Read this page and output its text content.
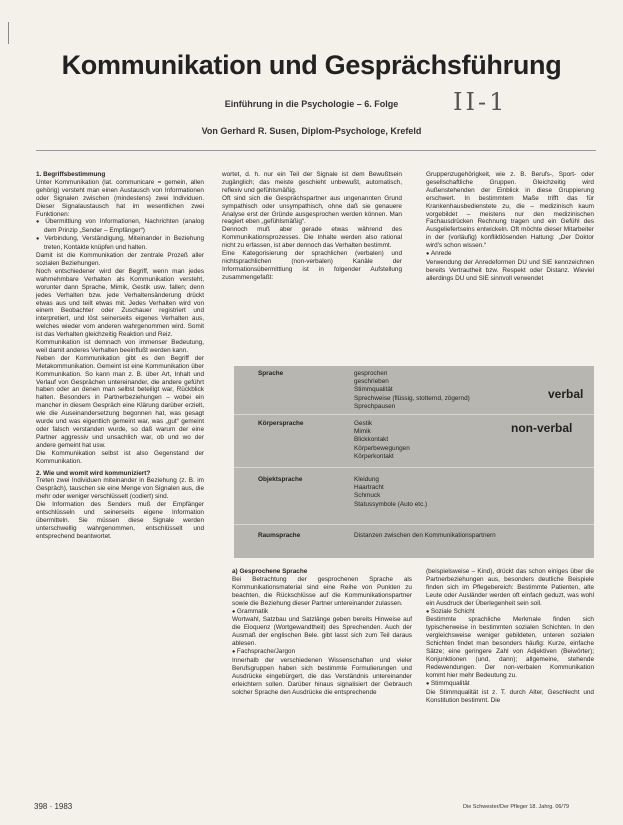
Kommunikation und Gesprächsführung
Einführung in die Psychologie – 6. Folge	II-1
Von Gerhard R. Susen, Diplom-Psychologe, Krefeld

1. Begriffsbestimmung

Unter Kommunikation (lat. communicare = gemein, allen gehörig) versteht man einen Austausch von Informationen oder Signalen zwischen (mindestens) zwei Individuen. Dieser Signalaustausch hat im wesentlichen zwei Funktionen:

● Übermittlung von Informationen, Nachrichten (analog dem Prinzip „Sender – Empfänger“)

● Verbindung, Verständigung, Miteinander in Beziehung treten, Kontakte knüpfen und halten.

Damit ist die Kommunikation der zentrale Prozeß aller sozialen Beziehungen.

Noch entschiedener wird der Begriff, wenn man jedes wahrnehmbare Verhalten als Kommunikation versteht, worunter dann Sprache, Mimik, Gestik usw. fallen; denn jedes Verhalten bzw. jede Verhaltensänderung drückt etwas aus und teilt etwas mit. Jedes Verhalten wird von einem Beobachter oder Zuschauer registriert und interpretiert, und löst seinerseits eigenes Verhalten aus, welches wieder vom anderen wahrgenommen wird. Somit ist das Verhalten gleichzeitig Reaktion und Reiz.

Kommunikation ist demnach von immenser Bedeutung, weil damit anderes Verhalten beeinflußt werden kann.

Neben der Kommunikation gibt es den Begriff der Metakommunikation. Gemeint ist eine Kommunikation über Kommunikation. So kann man z. B. über Art, Inhalt und Verlauf von Gesprächen untereinander, die andere geführt haben oder an denen man selbst beteiligt war, Rückblick halten. Besonders in Partnerbeziehungen – wobei ein mancher in diesem Gespräch eine Klärung darüber erzielt, wie die Auseinandersetzung begonnen hat, was gesagt wurde und was eigentlich gemeint war, was „gut“ gemeint oder falsch verstanden wurde, so daß warum der eine Partner aggressiv und unsachlich war, ob und wo der andere gemeint hat usw.

Die Kommunikation selbst ist also Gegenstand der Kommunikation.

2. Wie und womit wird kommuniziert?

Treten zwei Individuen miteinander in Beziehung (z. B. im Gespräch), tauschen sie eine Menge von Signalen aus, die mehr oder weniger verschlüsselt (codiert) sind.

Die Information des Senders muß der Empfänger entschlüsseln und seinerseits eigene Information übermitteln. Sie müssen diese Signale werden unterschwellig wahrgenommen, entschlüsselt und entsprechend beantwortet.

wortet, d. h. nur ein Teil der Signale ist dem Bewußtsein zugänglich; das meiste geschieht unbewußt, automatisch, reflexiv und gefühlsmäßig.

Oft sind sich die Gesprächspartner aus ungenannten Grund sympathisch oder unsympathisch, ohne daß sie genauere Analyse erst der Gründe ausgesprochen werden können. Man reagiert eben „gefühlsmäßig“.

Dennoch muß aber gerade etwas während des Kommunikationsprozesses. Die Inhalte werden also rational nicht zu erfassen, ist aber dennoch das Verhalten bestimmt.

Eine Kategorisierung der sprachlichen (verbalen) und nichtsprachlichen (non-verbalen) Kanäle der Informationsübermittlung ist in folgender Aufstellung zusammengefaßt:

Gruppenzugehörigkeit, wie z. B. Berufs-, Sport- oder gesellschaftliche Gruppen. Gleichzeitig wird Außenstehenden der Einblick in diese Gruppierung erschwert. In bestimmtem Maße trifft das für Krankenhausbedienstete zu, die – medizinisch kaum vorgebildet – meistens nur den medizinischen Fachausdrücken Rechnung tragen und ein Gefühl des Ausgeliefertseins entwickeln. Oft möchte dieser Mitarbeiter in der (vorläufig) konfliktlösenden Haltung: „Der Doktor wird's schon wissen.“

● Anrede

Verwendung der Anredeformen DU und SIE kennzeichnen bereits Vertrautheit bzw. Respekt oder Distanz. Wieviel allerdings DU und SIE sinnvoll verwendet

Sprache	gesprochen
geschrieben
Stimmqualität
Sprechweise (flüssig, stotternd, zögernd)
Sprechpausen
Körpersprache	Gestik
Mimik
Blickkontakt
Körperbewegungen
Körperkontakt
Objektsprache	Kleidung
Haartracht
Schmuck
Statussymbole (Auto etc.)
Raumsprache	Distanzen zwischen den Kommunikationspartnern
verbal
non-verbal

a) Gesprochene Sprache

Bei Betrachtung der gesprochenen Sprache als Kommunikationsmaterial sind eine Reihe von Punkten zu beachten, die Rückschlüsse auf die Kommunikationspartner sowie die Beziehung dieser Partner untereinander zulassen.

● Grammatik

Wortwahl, Satzbau und Satzlänge geben bereits Hinweise auf die Eloquenz (Wortgewandtheit) des Sprechenden. Auch der Ausmaß der englischen Bele. gibt lasst sich zum Teil daraus ablesen.

● Fachsprache/Jargon

Innerhalb der verschiedenen Wissenschaften und vieler Berufsgruppen haben sich bestimmte Formulierungen und Ausdrücke eingebürgert, die das Verständnis untereinander erleichtern sollen. Darüber hinaus signalisiert der Gebrauch solcher Sprache den Ausdrücke die entsprechende

(beispielsweise – Kind), drückt das schon einiges über die Partnerbeziehungen aus, besonders deutliche Beispiele finden sich im Pflegebereich: Bestimmte Patienten, alte Leute oder Ausländer werden oft einfach geduzt, was wohl ein Ausdruck der Überlegenheit sein soll.

● Soziale Schicht

Bestimmte sprachliche Merkmale finden sich typischerweise in bestimmten sozialen Schichten. In den vergleichsweise weniger gebildeten, unteren sozialen Schichten findet man besonders häufig: Kurze, einfache Sätze; eine geringere Zahl von Adjektiven (Beiwörter); Konjunktionen (und, dann); allgemeine, stehende Redewendungen. Der non-verbalen Kommunikation kommt hier mehr Bedeutung zu.

● Stimmqualität

Die Stimmqualität ist z. T. durch Alter, Geschlecht und Konstitution bestimmt. Die

398 · 1983	Die Schwester/Der Pfleger 18. Jahrg. 06/79
